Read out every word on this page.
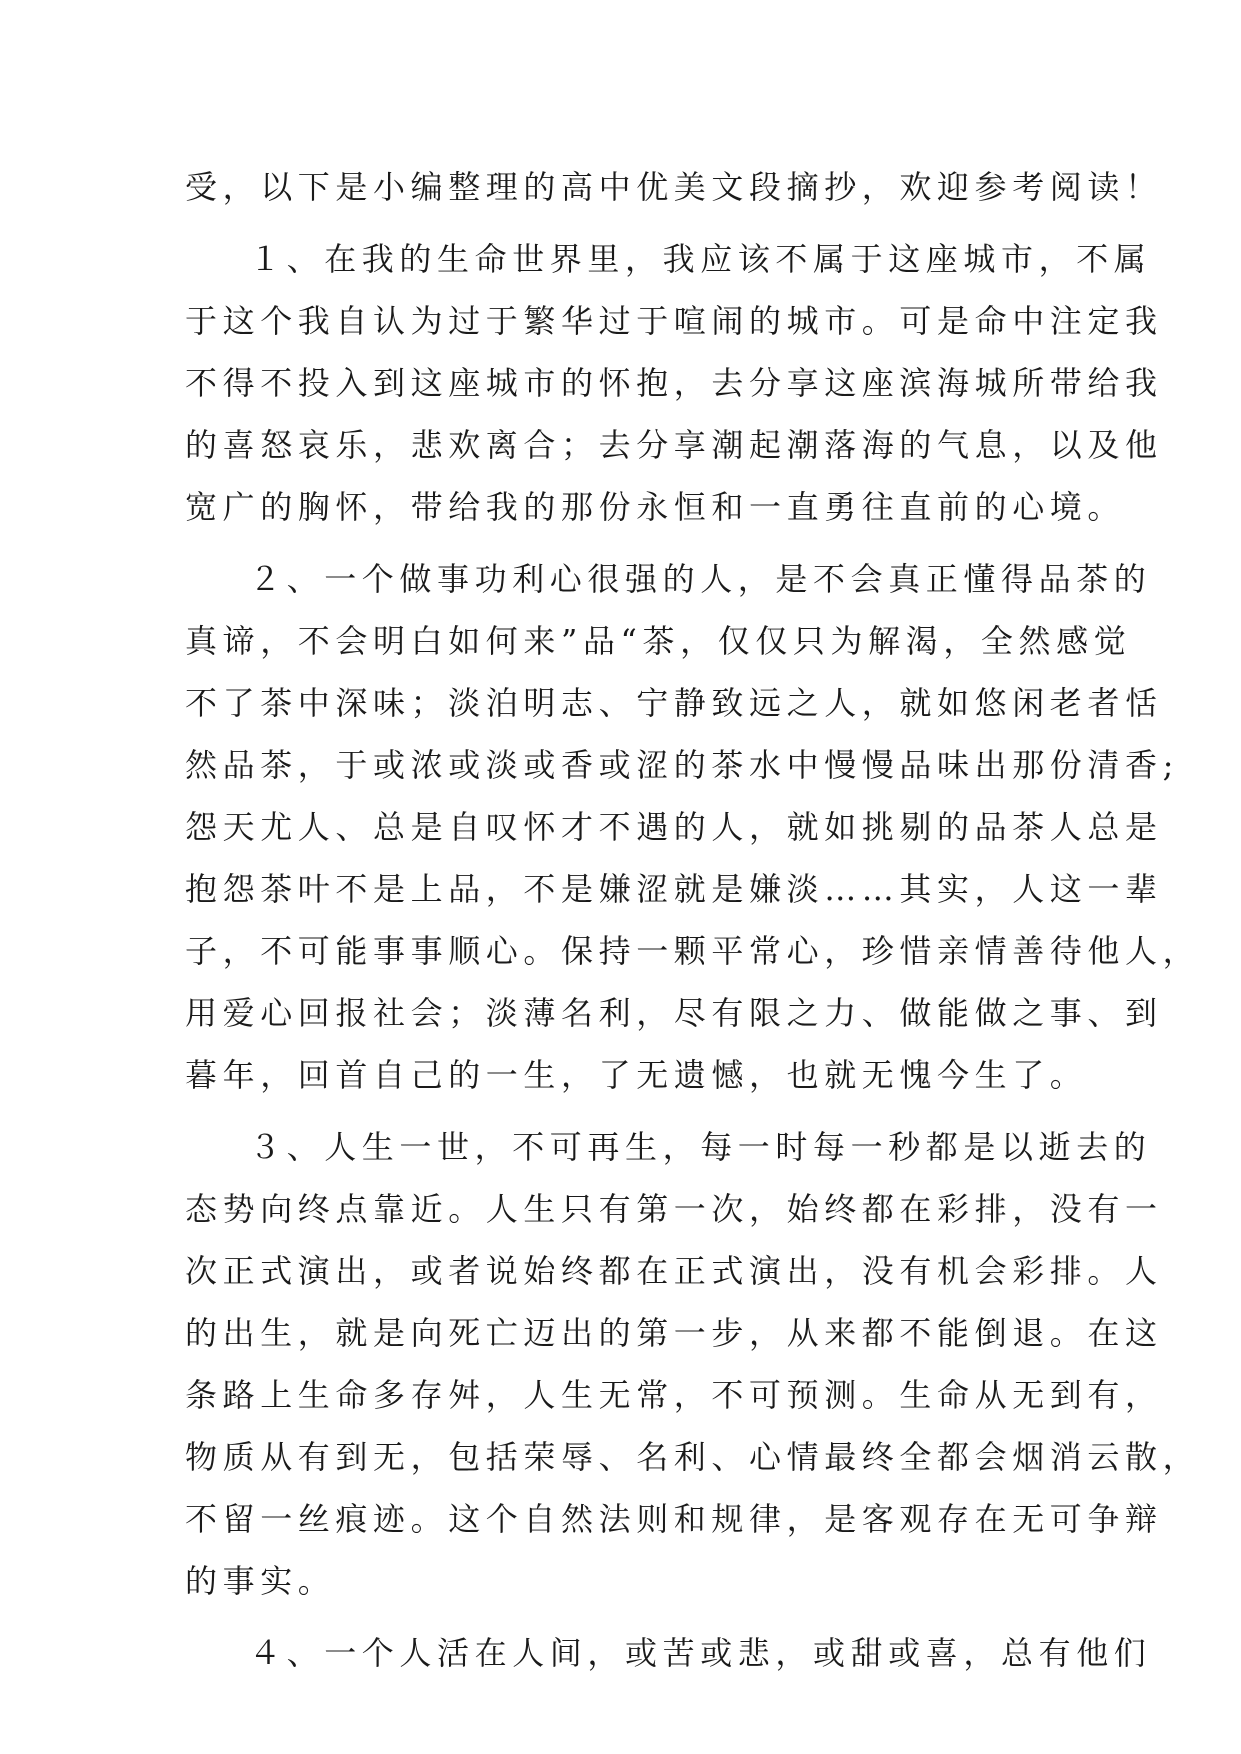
受，以下是小编整理的高中优美文段摘抄，欢迎参考阅读！
１、在我的生命世界里，我应该不属于这座城市，不属
于这个我自认为过于繁华过于喧闹的城市。可是命中注定我
不得不投入到这座城市的怀抱，去分享这座滨海城所带给我
的喜怒哀乐，悲欢离合；去分享潮起潮落海的气息，以及他
宽广的胸怀，带给我的那份永恒和一直勇往直前的心境。
２、一个做事功利心很强的人，是不会真正懂得品茶的
真谛，不会明白如何来”品“茶，仅仅只为解渴，全然感觉
不了茶中深味；淡泊明志、宁静致远之人，就如悠闲老者恬
然品茶，于或浓或淡或香或涩的茶水中慢慢品味出那份清香;
怨天尤人、总是自叹怀才不遇的人，就如挑剔的品茶人总是
抱怨茶叶不是上品，不是嫌涩就是嫌淡……其实，人这一辈
子，不可能事事顺心。保持一颗平常心，珍惜亲情善待他人，
用爱心回报社会；淡薄名利，尽有限之力、做能做之事、到
暮年，回首自己的一生，了无遗憾，也就无愧今生了。
３、人生一世，不可再生，每一时每一秒都是以逝去的
态势向终点靠近。人生只有第一次，始终都在彩排，没有一
次正式演出，或者说始终都在正式演出，没有机会彩排。人
的出生，就是向死亡迈出的第一步，从来都不能倒退。在这
条路上生命多存舛，人生无常，不可预测。生命从无到有，
物质从有到无，包括荣辱、名利、心情最终全都会烟消云散，
不留一丝痕迹。这个自然法则和规律，是客观存在无可争辩
的事实。
４、一个人活在人间，或苦或悲，或甜或喜，总有他们
